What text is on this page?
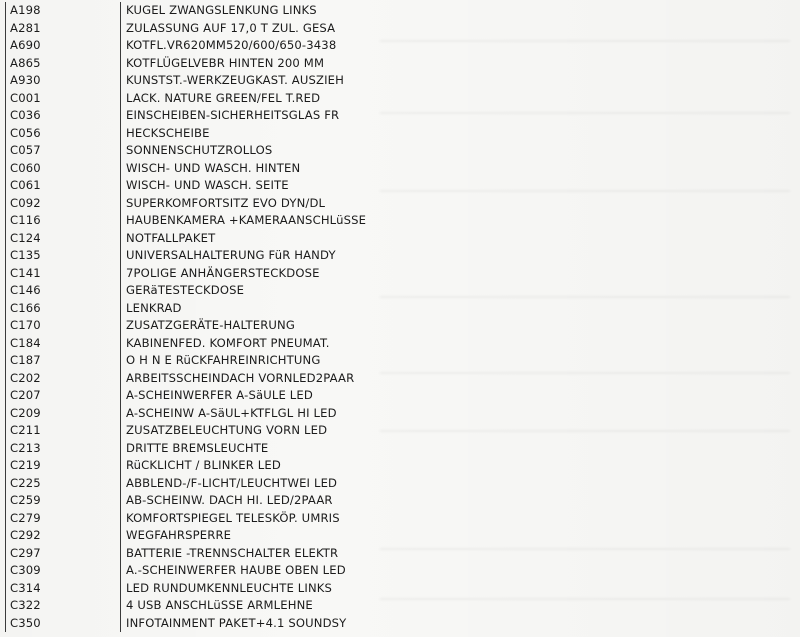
A198	KUGEL ZWANGSLENKUNG LINKS
A281	ZULASSUNG AUF 17,0 T ZUL. GESA
A690	KOTFL.VR620MM520/600/650-3438
A865	KOTFLÜGELVEBR HINTEN 200 MM
A930	KUNSTST.-WERKZEUGKAST. AUSZIEH
C001	LACK. NATURE GREEN/FEL T.RED
C036	EINSCHEIBEN-SICHERHEITSGLAS FR
C056	HECKSCHEIBE
C057	SONNENSCHUTZROLLOS
C060	WISCH- UND WASCH. HINTEN
C061	WISCH- UND WASCH. SEITE
C092	SUPERKOMFORTSITZ EVO DYN/DL
C116	HAUBENKAMERA +KAMERAANSCHLüSSE
C124	NOTFALLPAKET
C135	UNIVERSALHALTERUNG FüR HANDY
C141	7POLIGE ANHÄNGERSTECKDOSE
C146	GERäTESTECKDOSE
C166	LENKRAD
C170	ZUSATZGERÄTE-HALTERUNG
C184	KABINENFED. KOMFORT PNEUMAT.
C187	O H N E RüCKFAHREINRICHTUNG
C202	ARBEITSSCHEINDACH VORNLED2PAAR
C207	A-SCHEINWERFER A-SäULE LED
C209	A-SCHEINW A-SäUL+KTFLGL HI LED
C211	ZUSATZBELEUCHTUNG VORN LED
C213	DRITTE BREMSLEUCHTE
C219	RüCKLICHT / BLINKER LED
C225	ABBLEND-/F-LICHT/LEUCHTWEI LED
C259	AB-SCHEINW. DACH HI. LED/2PAAR
C279	KOMFORTSPIEGEL TELESKÖP. UMRIS
C292	WEGFAHRSPERRE
C297	BATTERIE -TRENNSCHALTER ELEKTR
C309	A.-SCHEINWERFER HAUBE OBEN LED
C314	LED RUNDUMKENNLEUCHTE LINKS
C322	4 USB ANSCHLüSSE ARMLEHNE
C350	INFOTAINMENT PAKET+4.1 SOUNDSY
